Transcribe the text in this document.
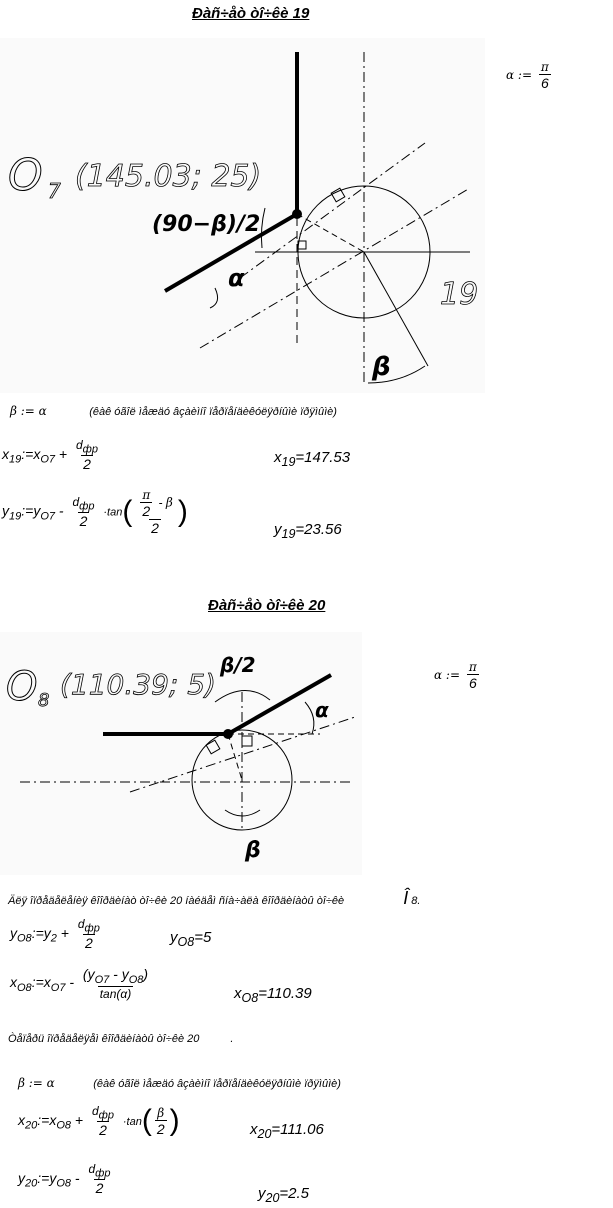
Ðàñ÷åò òî÷êè 19
α := $\frac{\pi}{6}$
O 7 (145.03; 25)
(90−β)/2
α
β
19
β := α	(êàê óãîë ìåæäó âçàèìíî ïåðïåíäèêóëÿðíûìè ïðÿìûìè)
$x_{19}:=x_{O7} + \frac{d_{фр}}{2}$	$x_{19}=147.53$
$y_{19}:=y_{O7} - \frac{d_{фр}}{2} \cdot\tan( \frac{\frac{\pi}{2} - \beta}{2}$ )
$y_{19}=23.56$
Ðàñ÷åò òî÷êè 20
α := $\frac{\pi}{6}$
O 8 (110.39; 5)
β/2
α
β
Äëÿ îïðåäåëåíèÿ êîîðäèíàò òî÷êè 20 íàéäåì ñíà÷àëà êîîðäèíàòû òî÷êè	Î 8.
$y_{O8}:=y_2 + \frac{d_{фр}}{2}$	$y_{O8}=5$
$x_{O8}:=x_{O7} - \frac{(y_{O7} - y_{O8})}{\tan(\alpha)}$	$x_{O8}=110.39$
Òåïåðü îïðåäåëÿåì êîîðäèíàòû òî÷êè 20	.
β := α	(êàê óãîë ìåæäó âçàèìíî ïåðïåíäèêóëÿðíûìè ïðÿìûìè)
$x_{20}:=x_{O8} + \frac{d_{фр}}{2} \cdot\tan( \frac{\beta}{2}$ )	$x_{20}=111.06$
$y_{20}:=y_{O8} - \frac{d_{фр}}{2}$	$y_{20}=2.5$
